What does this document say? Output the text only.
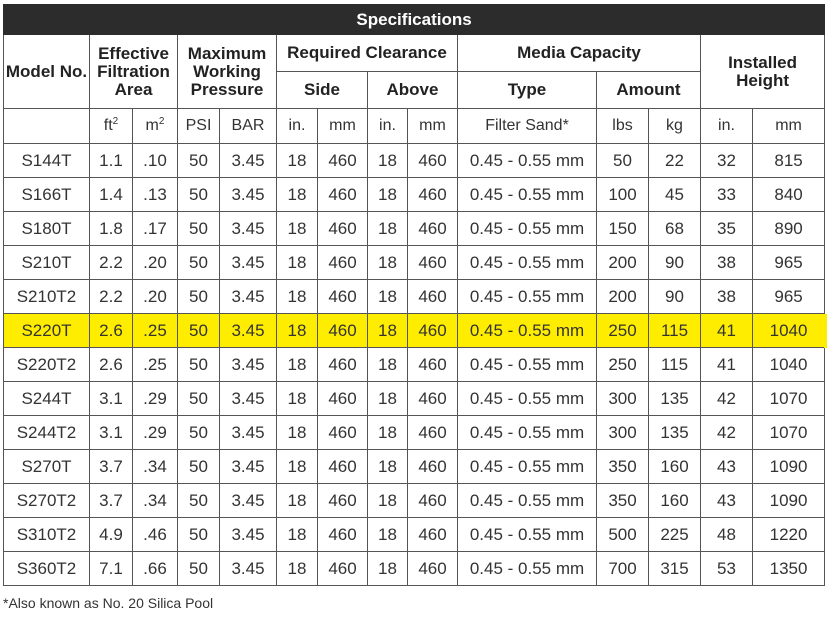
Specifications													
Model No.	Effective Filtration Area		Maximum Working Pressure		Required Clearance				Media Capacity			Installed Height	
					Side		Above		Type	Amount			
	$ft^2$	$m^2$	PSI	BAR	in.	mm	in.	mm	Filter Sand*	lbs	kg	in.	mm
S144T	1.1	.10	50	3.45	18	460	18	460	0.45 - 0.55 mm	50	22	32	815
S166T	1.4	.13	50	3.45	18	460	18	460	0.45 - 0.55 mm	100	45	33	840
S180T	1.8	.17	50	3.45	18	460	18	460	0.45 - 0.55 mm	150	68	35	890
S210T	2.2	.20	50	3.45	18	460	18	460	0.45 - 0.55 mm	200	90	38	965
S210T2	2.2	.20	50	3.45	18	460	18	460	0.45 - 0.55 mm	200	90	38	965
S220T	2.6	.25	50	3.45	18	460	18	460	0.45 - 0.55 mm	250	115	41	1040
S220T2	2.6	.25	50	3.45	18	460	18	460	0.45 - 0.55 mm	250	115	41	1040
S244T	3.1	.29	50	3.45	18	460	18	460	0.45 - 0.55 mm	300	135	42	1070
S244T2	3.1	.29	50	3.45	18	460	18	460	0.45 - 0.55 mm	300	135	42	1070
S270T	3.7	.34	50	3.45	18	460	18	460	0.45 - 0.55 mm	350	160	43	1090
S270T2	3.7	.34	50	3.45	18	460	18	460	0.45 - 0.55 mm	350	160	43	1090
S310T2	4.9	.46	50	3.45	18	460	18	460	0.45 - 0.55 mm	500	225	48	1220
S360T2	7.1	.66	50	3.45	18	460	18	460	0.45 - 0.55 mm	700	315	53	1350
*Also known as No. 20 Silica Pool
